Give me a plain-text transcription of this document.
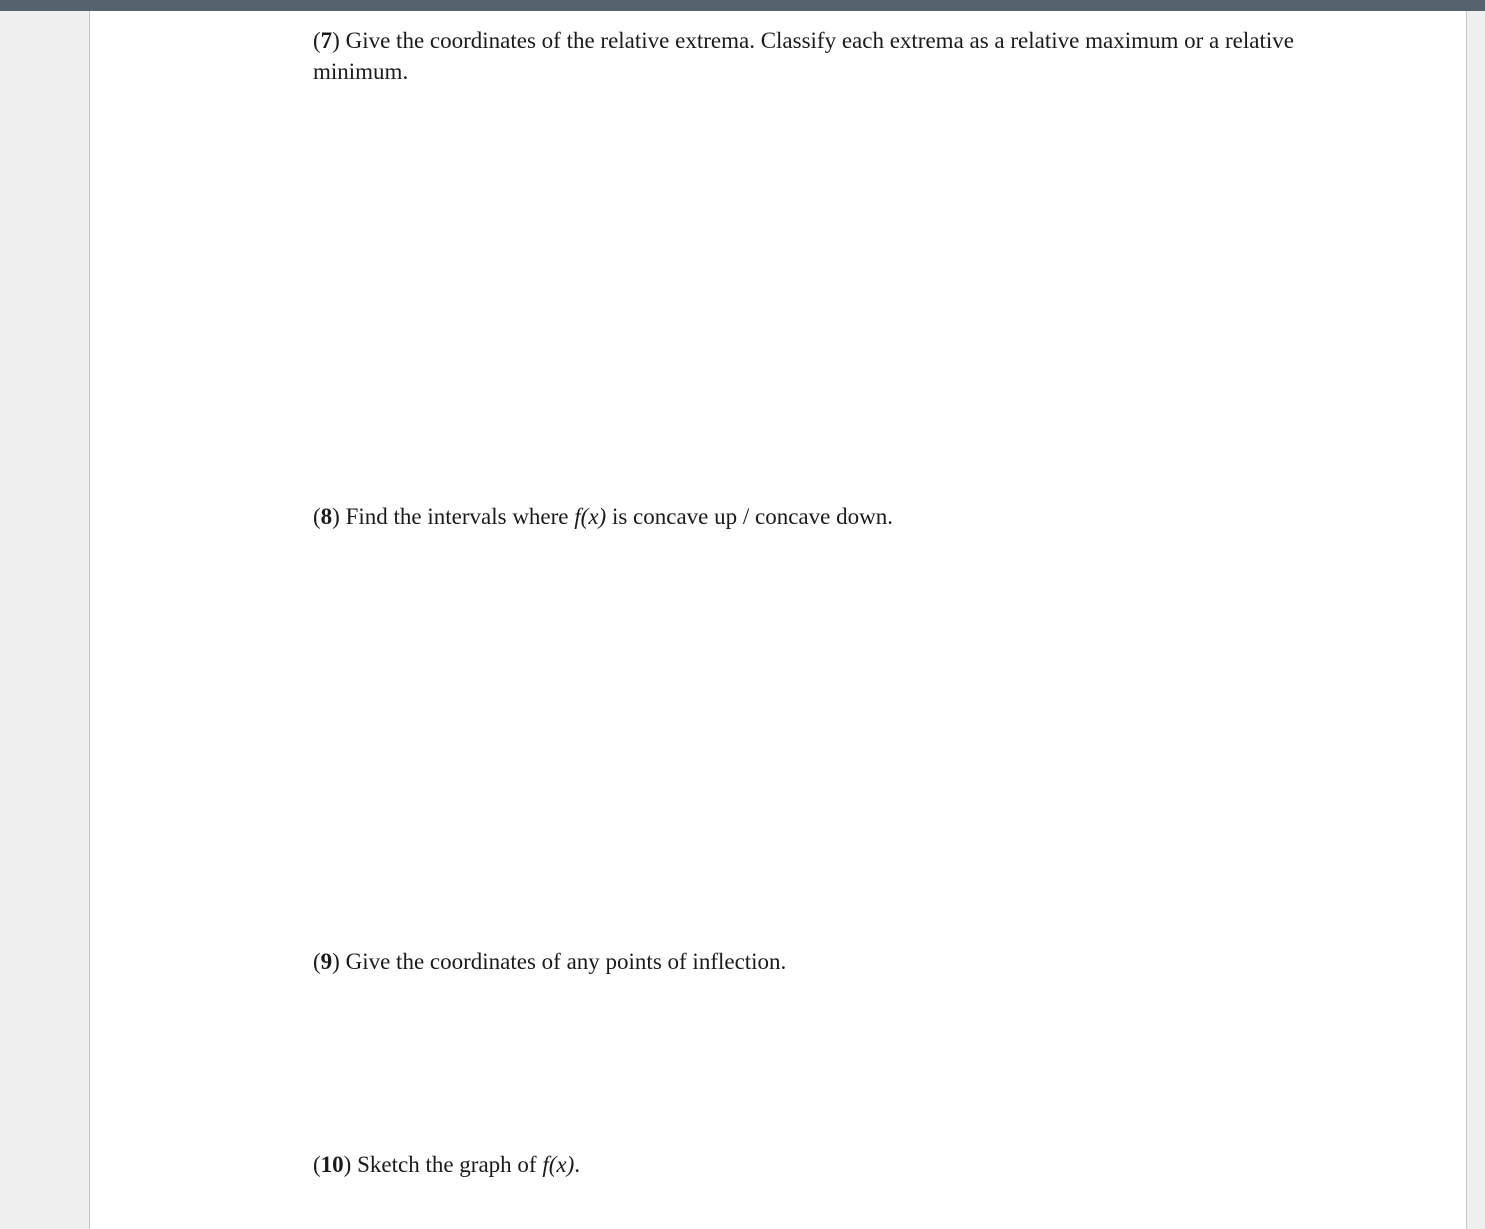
(7) Give the coordinates of the relative extrema. Classify each extrema as a relative maximum or a relative minimum.

(8) Find the intervals where f(x) is concave up / concave down.

(9) Give the coordinates of any points of inflection.

(10) Sketch the graph of f(x).
